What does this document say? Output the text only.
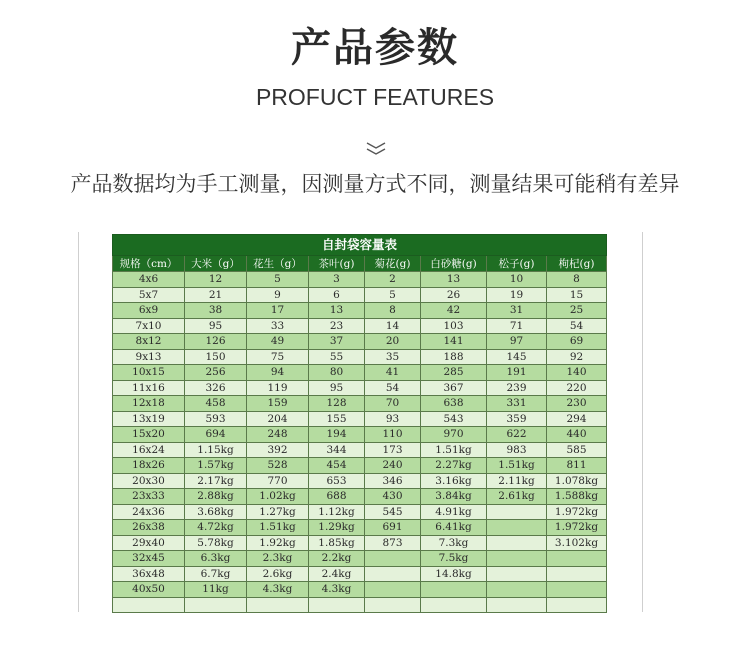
产品参数
PROFUCT FEATURES
产品数据均为手工测量，因测量方式不同，测量结果可能稍有差异
自封袋容量表							
规格（cm）	大米（g）	花生（g）	茶叶(g)	菊花(g)	白砂糖(g)	松子(g)	枸杞(g)
4x6	12	5	3	2	13	10	8
5x7	21	9	6	5	26	19	15
6x9	38	17	13	8	42	31	25
7x10	95	33	23	14	103	71	54
8x12	126	49	37	20	141	97	69
9x13	150	75	55	35	188	145	92
10x15	256	94	80	41	285	191	140
11x16	326	119	95	54	367	239	220
12x18	458	159	128	70	638	331	230
13x19	593	204	155	93	543	359	294
15x20	694	248	194	110	970	622	440
16x24	1.15kg	392	344	173	1.51kg	983	585
18x26	1.57kg	528	454	240	2.27kg	1.51kg	811
20x30	2.17kg	770	653	346	3.16kg	2.11kg	1.078kg
23x33	2.88kg	1.02kg	688	430	3.84kg	2.61kg	1.588kg
24x36	3.68kg	1.27kg	1.12kg	545	4.91kg		1.972kg
26x38	4.72kg	1.51kg	1.29kg	691	6.41kg		1.972kg
29x40	5.78kg	1.92kg	1.85kg	873	7.3kg		3.102kg
32x45	6.3kg	2.3kg	2.2kg		7.5kg		
36x48	6.7kg	2.6kg	2.4kg		14.8kg		
40x50	11kg	4.3kg	4.3kg				
